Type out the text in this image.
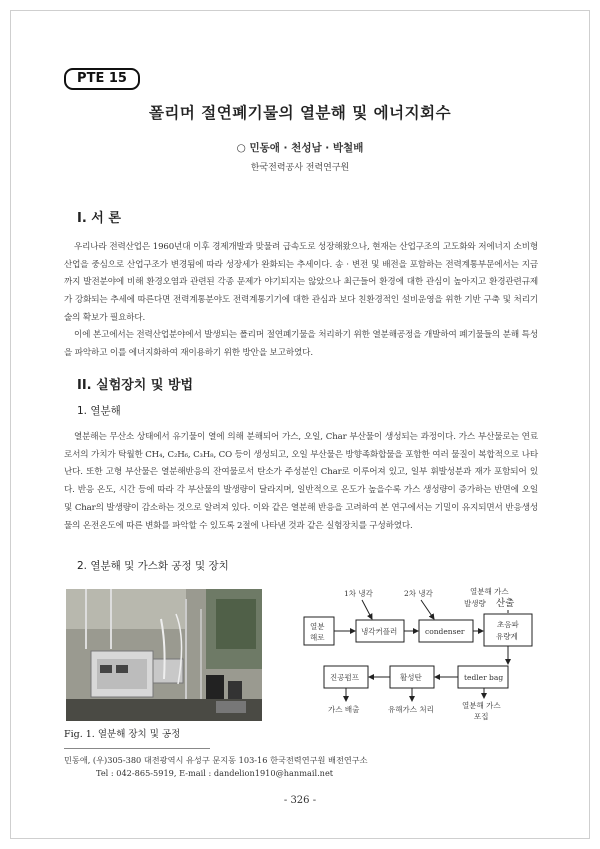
PTE 15
폴리머 절연폐기물의 열분해 및 에너지회수
○ 민동애 · 천성남 · 박철배
한국전력공사 전력연구원
I. 서 론
우리나라 전력산업은 1960년대 이후 경제개발과 맞물려 급속도로 성장해왔으나, 현재는 산업구조의 고도화와 저에너지 소비형산업을 중심으로 산업구조가 변경됨에 따라 성장세가 완화되는 추세이다. 송 · 변전 및 배전을 포함하는 전력계통부문에서는 지금까지 발전분야에 비해 환경오염과 관련된 각종 문제가 야기되지는 않았으나 최근들어 환경에 대한 관심이 높아지고 환경관련규제가 강화되는 추세에 따른다면 전력계통분야도 전력계통기기에 대한 관심과 보다 친환경적인 설비운영을 위한 기반 구축 및 처리기술의 확보가 필요하다.
이에 본고에서는 전력산업분야에서 발생되는 폴리머 절연폐기물을 처리하기 위한 열분해공정을 개발하여 폐기물들의 분해 특성을 파악하고 이를 에너지화하여 재이용하기 위한 방안을 보고하였다.
II. 실험장치 및 방법
1. 열분해
열분해는 무산소 상태에서 유기물이 열에 의해 분해되어 가스, 오일, Char 부산물이 생성되는 과정이다. 가스 부산물로는 연료로서의 가치가 탁월한 CH₄, C₂H₆, C₃H₈, CO 등이 생성되고, 오일 부산물은 방향족화합물을 포함한 여러 물질이 복합적으로 나타난다. 또한 고형 부산물은 열분해반응의 잔여물로서 탄소가 주성분인 Char로 이루어져 있고, 일부 휘발성분과 재가 포함되어 있다. 반응 온도, 시간 등에 따라 각 부산물의 발생량이 달라지며, 일반적으로 온도가 높을수록 가스 생성량이 증가하는 반면에 오일 및 Char의 발생량이 감소하는 것으로 알려져 있다. 이와 같은 열분해 반응을 고려하여 본 연구에서는 기밀이 유지되면서 반응생성물의 온전온도에 따른 변화를 파악할 수 있도록 2절에 나타낸 것과 같은 실험장치를 구성하였다.
2. 열분해 및 가스화 공정 및 장치
1차 냉각	2차 냉각	열분해 가스
발생량 산출
열분
해로
냉각커플러	condenser
초음파
유량계
진공펌프	활성탄	tedler bag
가스 배출	유해가스 처리	열분해 가스
포집
Fig. 1. 열분해 장치 및 공정
민동애, (우)305-380 대전광역시 유성구 문지동 103-16 한국전력연구원 배전연구소
Tel : 042-865-5919, E-mail : dandelion1910@hanmail.net
- 326 -
